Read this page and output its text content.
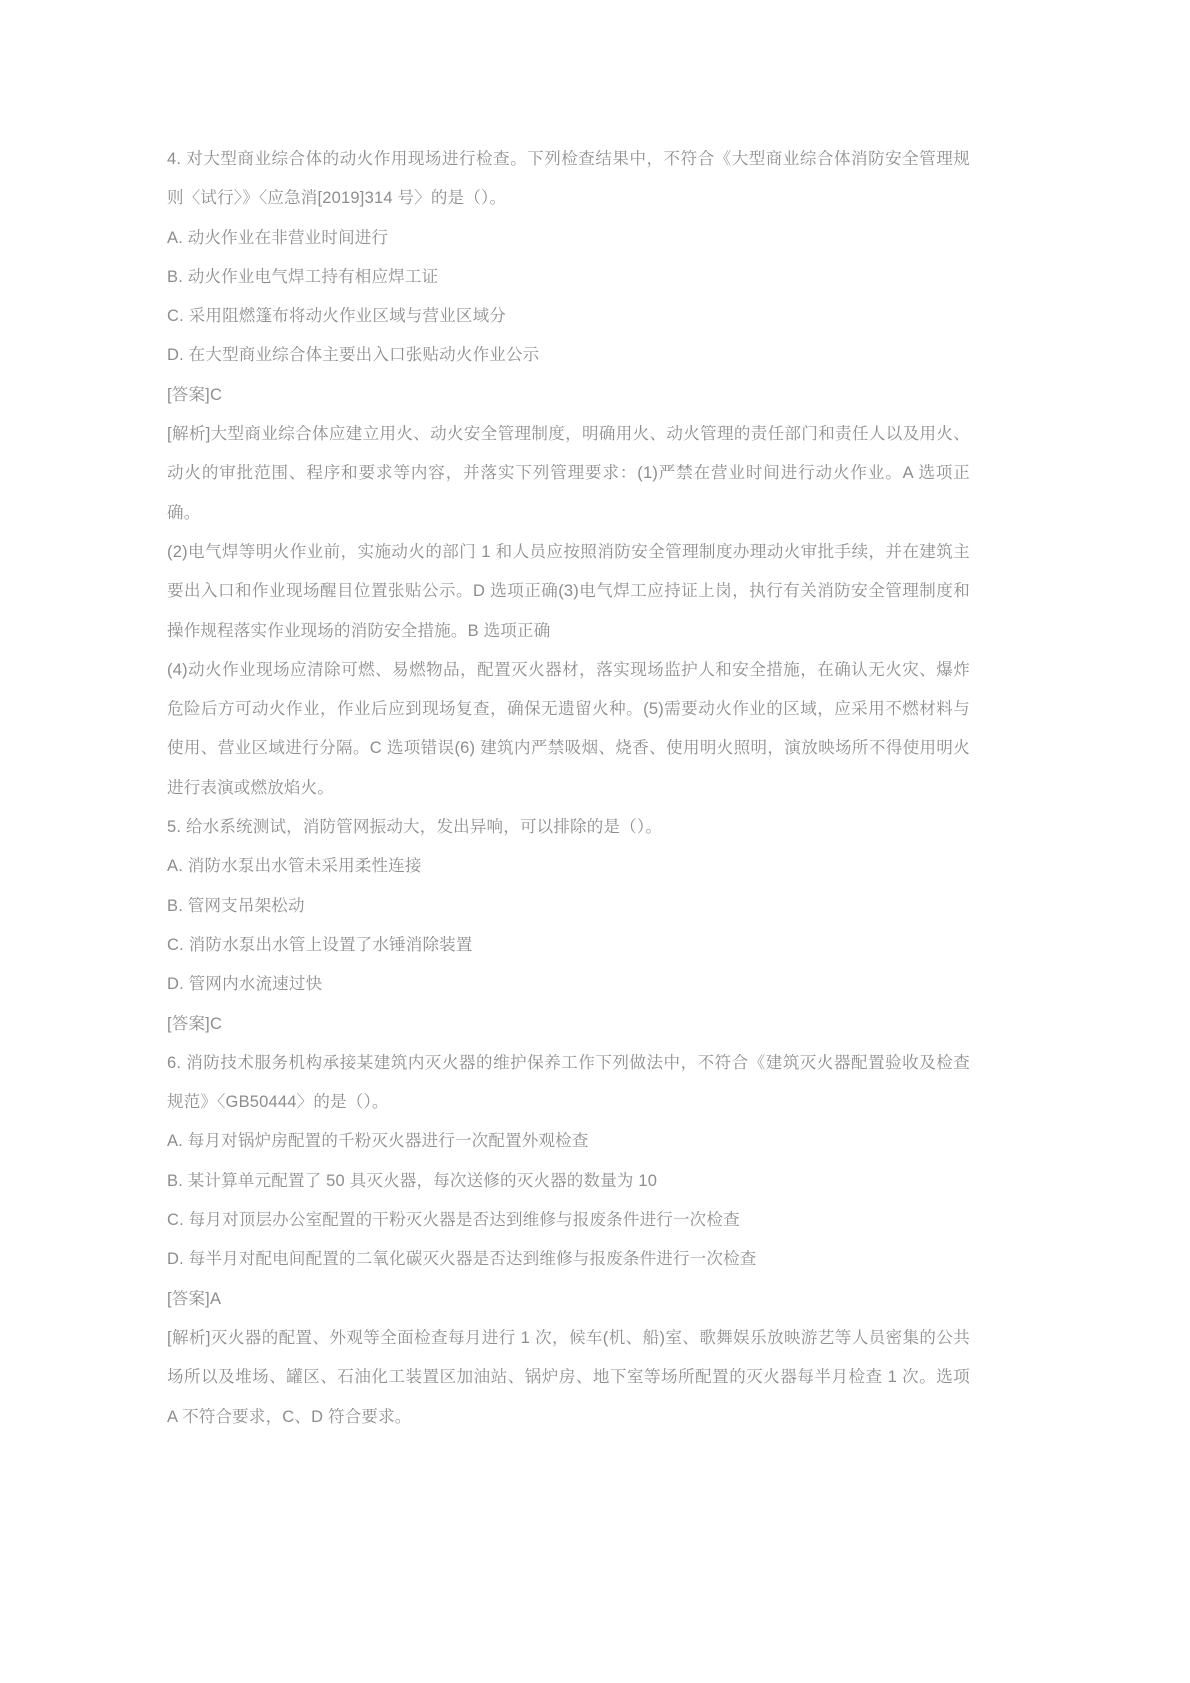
4. 对大型商业综合体的动火作用现场进行检查。下列检查结果中，不符合《大型商业综合体消防安全管理规则〈试行〉》〈应急消[2019]314 号〉的是（）。

A. 动火作业在非营业时间进行

B. 动火作业电气焊工持有相应焊工证

C. 采用阻燃篷布将动火作业区域与营业区域分

D. 在大型商业综合体主要出入口张贴动火作业公示

[答案]C

[解析]大型商业综合体应建立用火、动火安全管理制度，明确用火、动火管理的责任部门和责任人以及用火、动火的审批范围、程序和要求等内容，并落实下列管理要求：(1)严禁在营业时间进行动火作业。A 选项正确。

(2)电气焊等明火作业前，实施动火的部门 1 和人员应按照消防安全管理制度办理动火审批手续，并在建筑主要出入口和作业现场醒目位置张贴公示。D 选项正确(3)电气焊工应持证上岗，执行有关消防安全管理制度和操作规程落实作业现场的消防安全措施。B 选项正确

(4)动火作业现场应清除可燃、易燃物品，配置灭火器材，落实现场监护人和安全措施，在确认无火灾、爆炸危险后方可动火作业，作业后应到现场复查，确保无遗留火种。(5)需要动火作业的区域，应采用不燃材料与使用、营业区域进行分隔。C 选项错误(6) 建筑内严禁吸烟、烧香、使用明火照明，演放映场所不得使用明火进行表演或燃放焰火。

5. 给水系统测试，消防管网振动大，发出异响，可以排除的是（）。

A. 消防水泵出水管未采用柔性连接

B. 管网支吊架松动

C. 消防水泵出水管上设置了水锤消除装置

D. 管网内水流速过快

[答案]C

6. 消防技术服务机构承接某建筑内灭火器的维护保养工作下列做法中，不符合《建筑灭火器配置验收及检查规范》〈GB50444〉的是（）。

A. 每月对锅炉房配置的千粉灭火器进行一次配置外观检查

B. 某计算单元配置了 50 具灭火器，每次送修的灭火器的数量为 10

C. 每月对顶层办公室配置的干粉灭火器是否达到维修与报废条件进行一次检查

D. 每半月对配电间配置的二氧化碳灭火器是否达到维修与报废条件进行一次检查

[答案]A

[解析]灭火器的配置、外观等全面检查每月进行 1 次，候车(机、船)室、歌舞娱乐放映游艺等人员密集的公共场所以及堆场、罐区、石油化工装置区加油站、锅炉房、地下室等场所配置的灭火器每半月检查 1 次。选项 A 不符合要求，C、D 符合要求。
